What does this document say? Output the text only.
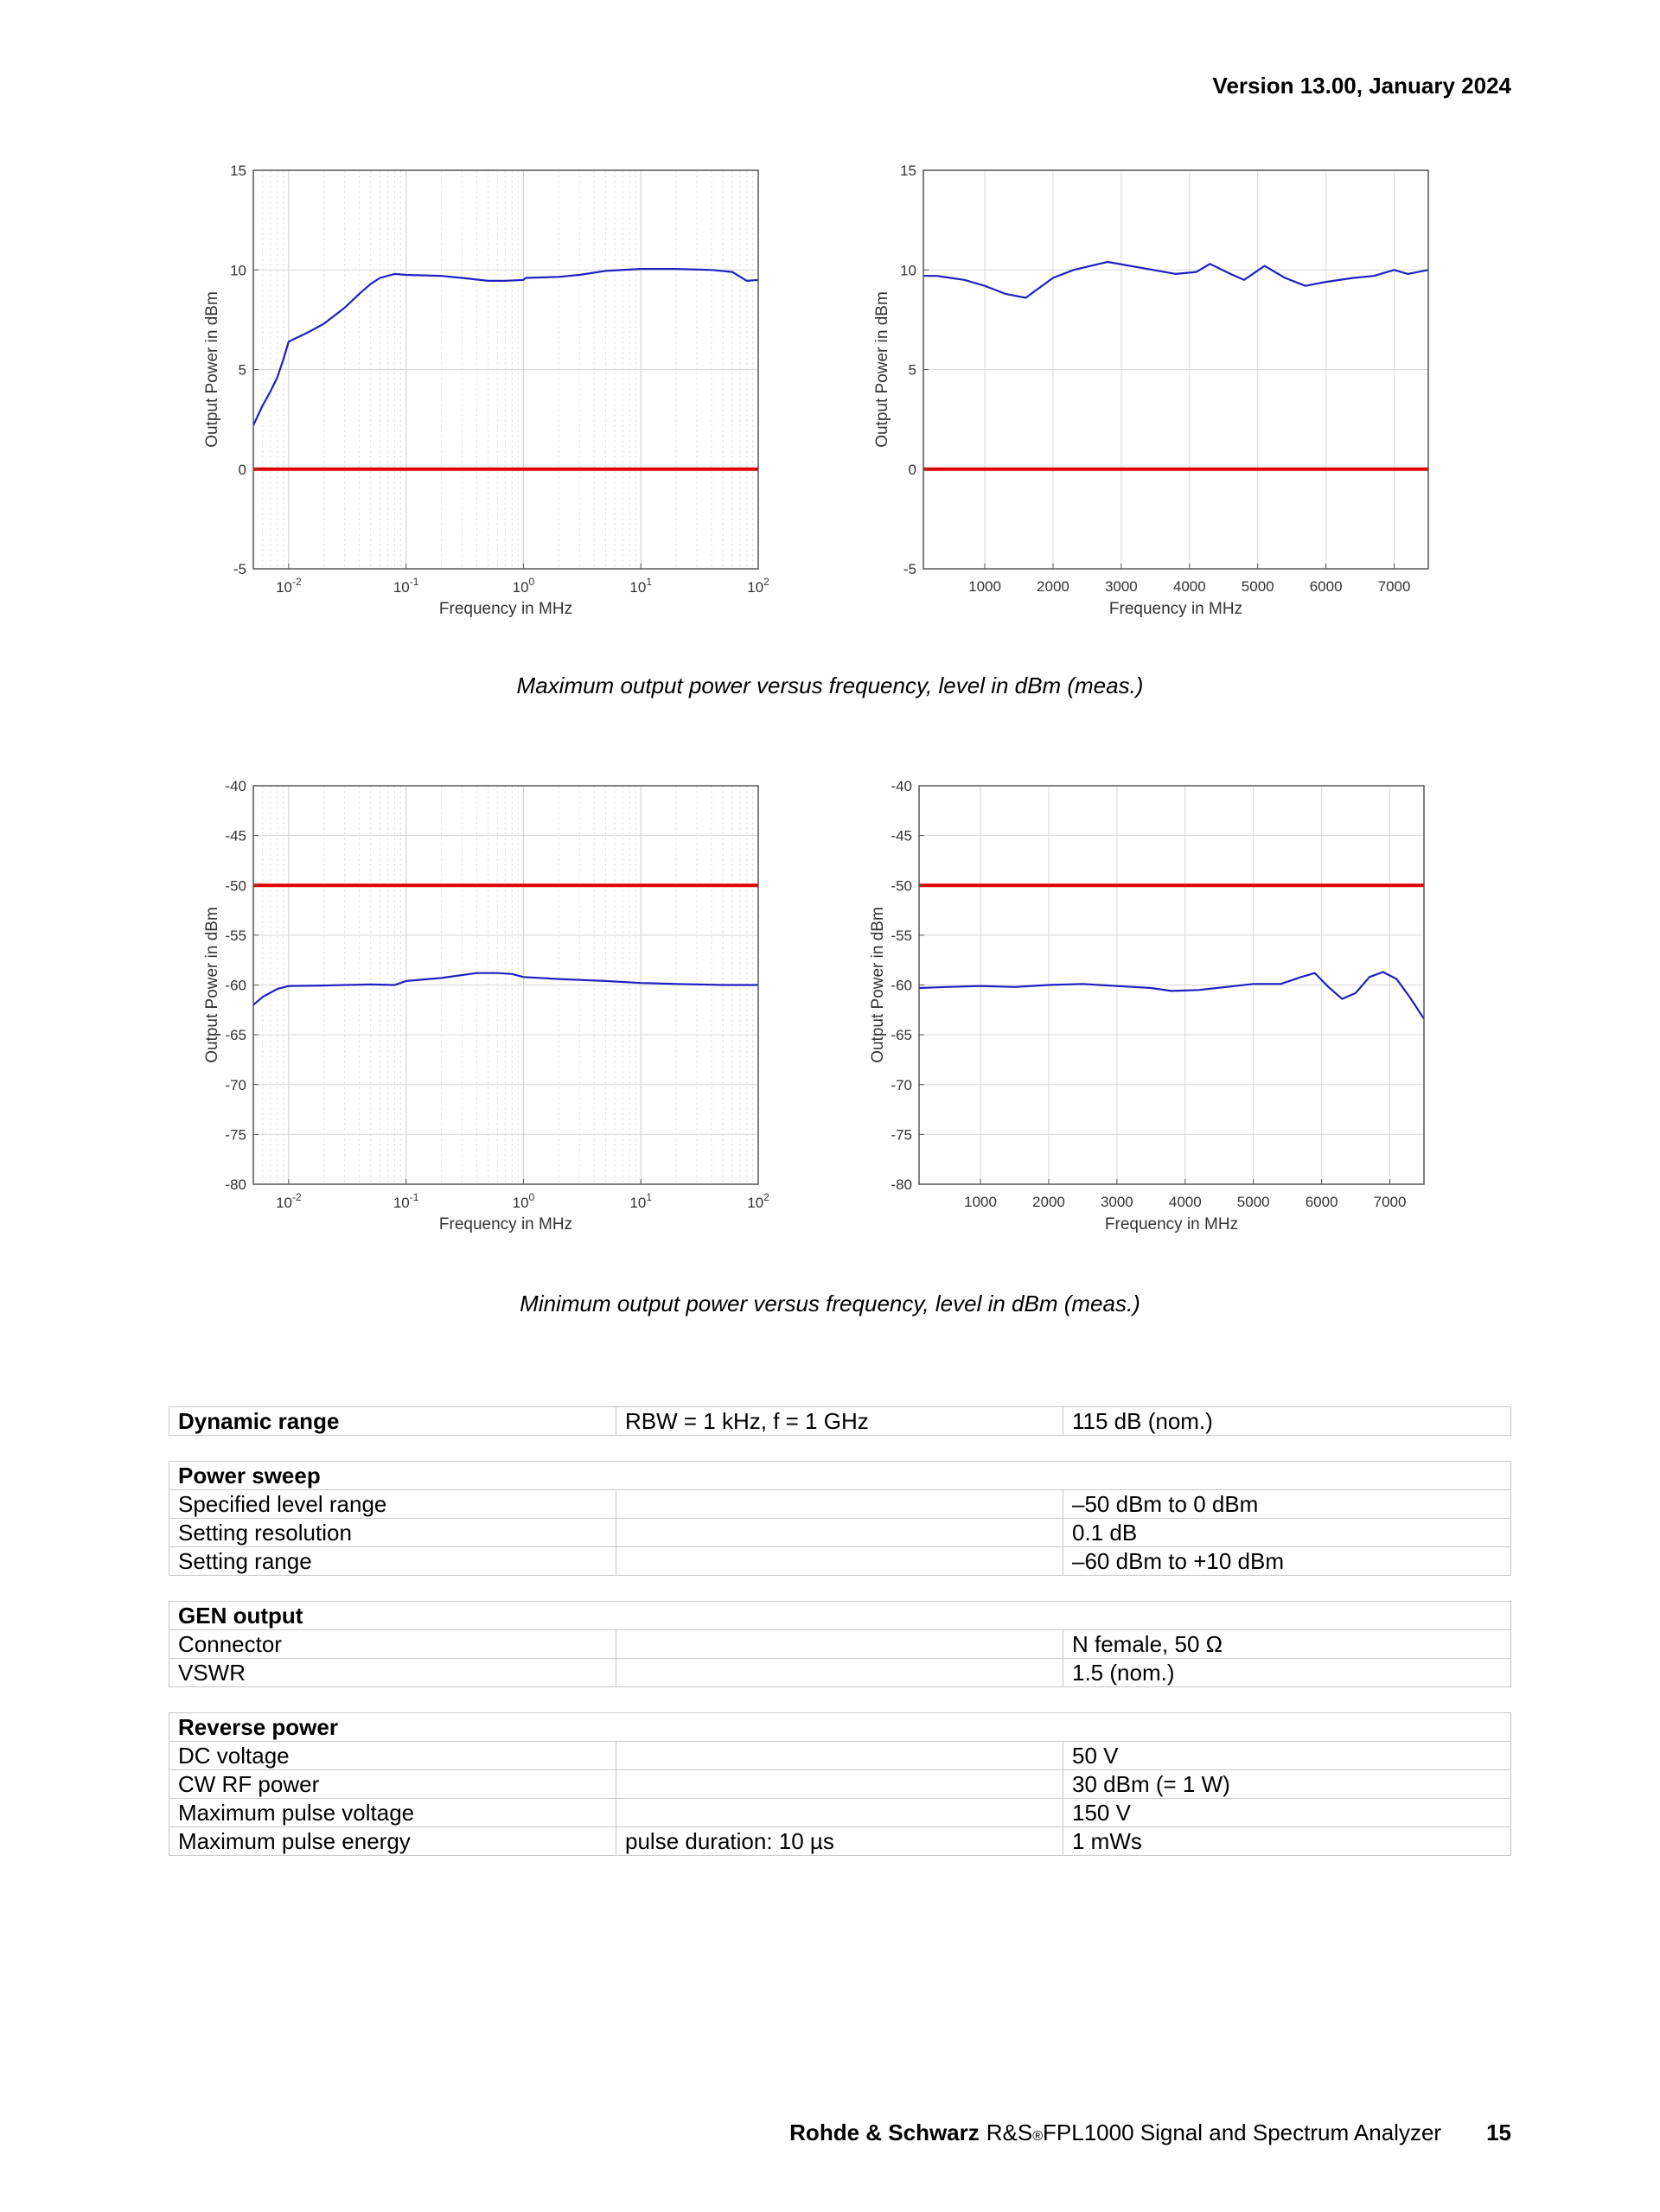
Version 13.00, January 2024
-5
0
5
10
15
$10^{-2}$	$10^{-1}$	$10^0$	$10^1$	$10^2$
Frequency in MHz
Output Power in dBm
-5
0
5
10
15
1000 2000 3000 4000 5000 6000 7000
Frequency in MHz
Output Power in dBm
Maximum output power versus frequency, level in dBm (meas.)
-80
-75
-70
-65
-60
-55
-50
-45
-40
$10^{-2}$	$10^{-1}$	$10^0$	$10^1$	$10^2$
Frequency in MHz
Output Power in dBm
-80
-75
-70
-65
-60
-55
-50
-45
-40
1000 2000 3000 4000 5000 6000 7000
Frequency in MHz
Output Power in dBm
Minimum output power versus frequency, level in dBm (meas.)
Dynamic range	RBW = 1 kHz, f = 1 GHz	115 dB (nom.)

Power sweep		
Specified level range		–50 dBm to 0 dBm
Setting resolution		0.1 dB
Setting range		–60 dBm to +10 dBm

GEN output		
Connector		N female, 50 Ω
VSWR		1.5 (nom.)

Reverse power		
DC voltage		50 V
CW RF power		30 dBm (= 1 W)
Maximum pulse voltage		150 V
Maximum pulse energy	pulse duration: 10 µs	1 mWs
Rohde & Schwarz R&S ® FPL1000 Signal and Spectrum Analyzer 15
